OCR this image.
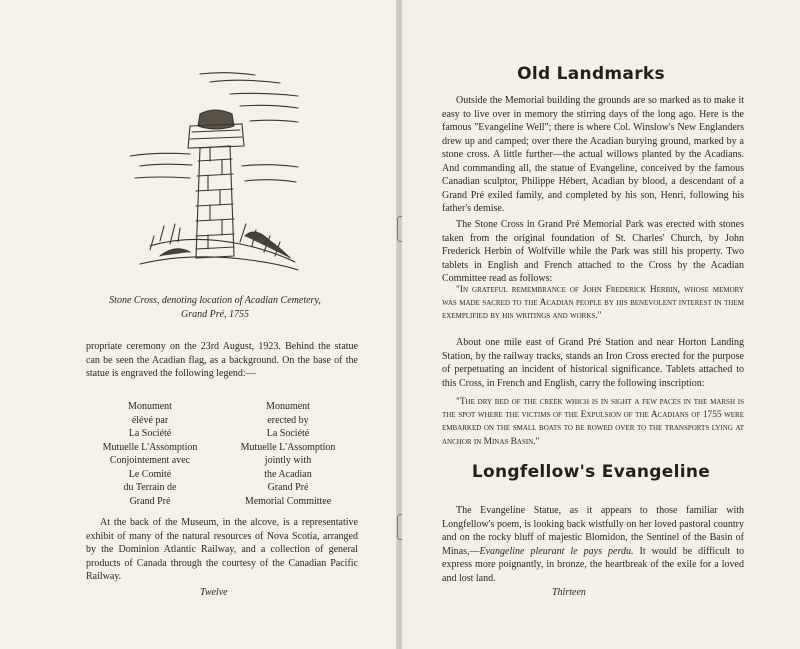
Stone Cross, denoting location of Acadian Cemetery,
Grand Pré, 1755
propriate ceremony on the 23rd August, 1923. Behind the statue can be seen the Acadian flag, as a background. On the base of the statue is engraved the following legend:—
Monument
élévé par
La Société
Mutuelle L'Assomption
Conjointement avec
Le Comité
du Terrain de
Grand Pré
Monument
erected by
La Société
Mutuelle L'Assomption
jointly with
the Acadian
Grand Pré
Memorial Committee
At the back of the Museum, in the alcove, is a representative exhibit of many of the natural resources of Nova Scotia, arranged by the Dominion Atlantic Railway, and a collection of general products of Canada through the courtesy of the Canadian Pacific Railway.
Twelve
Old Landmarks
Outside the Memorial building the grounds are so marked as to make it easy to live over in memory the stirring days of the long ago. Here is the famous "Evangeline Well"; there is where Col. Winslow's New Englanders drew up and camped; over there the Acadian burying ground, marked by a stone cross. A little further—the actual willows planted by the Acadians. And commanding all, the statue of Evangeline, conceived by the famous Canadian sculptor, Philippe Hébert, Acadian by blood, a descendant of a Grand Pré exiled family, and completed by his son, Henri, following his father's demise.
The Stone Cross in Grand Pré Memorial Park was erected with stones taken from the original foundation of St. Charles' Church, by John Frederick Herbin of Wolfville while the Park was still his property. Two tablets in English and French attached to the Cross by the Acadian Committee read as follows:
"In grateful remembrance of John Frederick Herbin, whose memory was made sacred to the Acadian people by his benevolent interest in them exemplified by his writings and works."
About one mile east of Grand Pré Station and near Horton Landing Station, by the railway tracks, stands an Iron Cross erected for the purpose of perpetuating an incident of historical significance. Tablets attached to this Cross, in French and English, carry the following inscription:
"The dry bed of the creek which is in sight a few paces in the marsh is the spot where the victims of the Expulsion of the Acadians of 1755 were embarked on the small boats to be rowed over to the transports lying at anchor in Minas Basin."
Longfellow's Evangeline
The Evangeline Statue, as it appears to those familiar with Longfellow's poem, is looking back wistfully on her loved pastoral country and on the rocky bluff of majestic Blomidon, the Sentinel of the Basin of Minas,—Evangeline pleurant le pays perdu. It would be difficult to express more poignantly, in bronze, the heartbreak of the exile for a loved and lost land.
Thirteen
